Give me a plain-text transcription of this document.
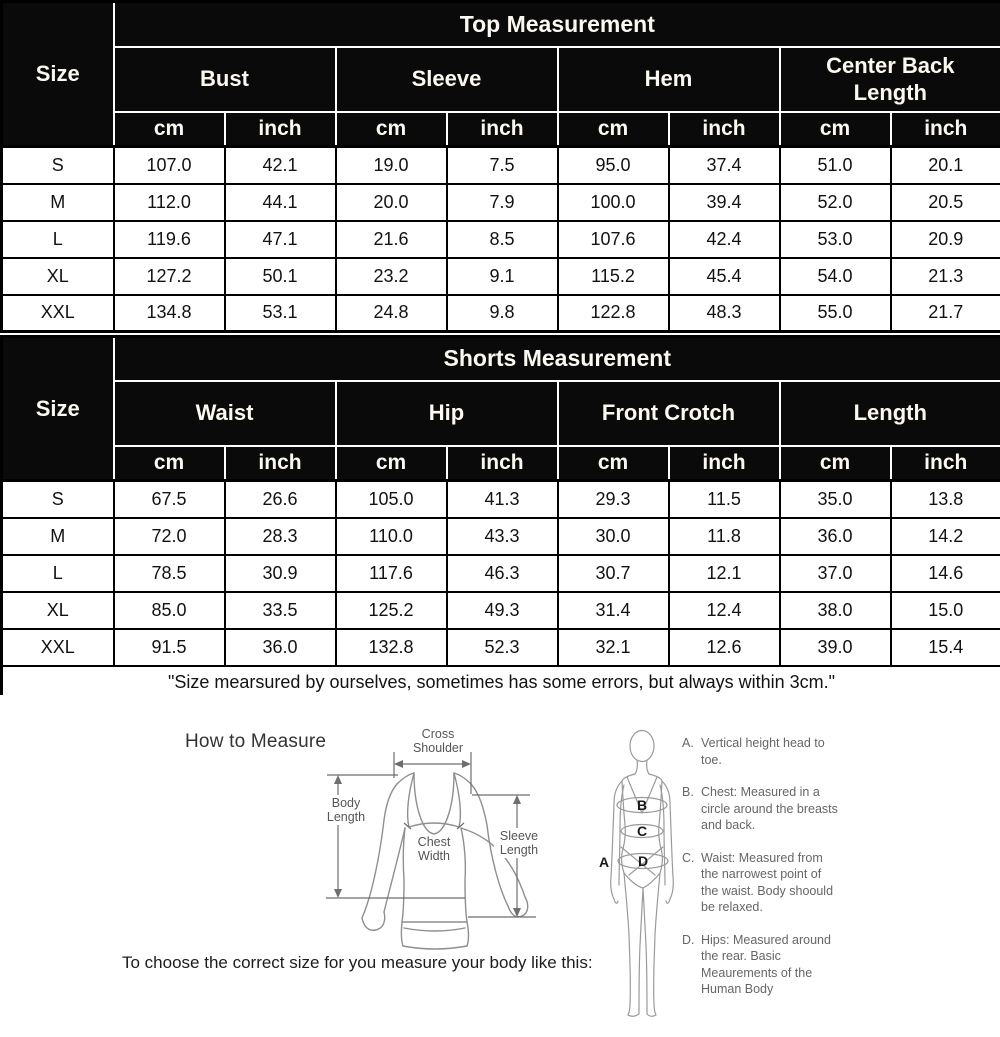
Size	Top Measurement							
	Bust		Sleeve		Hem		Center Back Length	
	cm	inch	cm	inch	cm	inch	cm	inch
S	107.0	42.1	19.0	7.5	95.0	37.4	51.0	20.1
M	112.0	44.1	20.0	7.9	100.0	39.4	52.0	20.5
L	119.6	47.1	21.6	8.5	107.6	42.4	53.0	20.9
XL	127.2	50.1	23.2	9.1	115.2	45.4	54.0	21.3
XXL	134.8	53.1	24.8	9.8	122.8	48.3	55.0	21.7
Size	Shorts Measurement							
	Waist		Hip		Front Crotch		Length	
	cm	inch	cm	inch	cm	inch	cm	inch
S	67.5	26.6	105.0	41.3	29.3	11.5	35.0	13.8
M	72.0	28.3	110.0	43.3	30.0	11.8	36.0	14.2
L	78.5	30.9	117.6	46.3	30.7	12.1	37.0	14.6
XL	85.0	33.5	125.2	49.3	31.4	12.4	38.0	15.0
XXL	91.5	36.0	132.8	52.3	32.1	12.6	39.0	15.4
"Size mearsured by ourselves, sometimes has some errors, but always within 3cm."								
How to Measure	Cross
Shoulder
Body
Length
Chest
Width
Sleeve
Length
A
B
C
D
A. Vertical height head to toe.
B. Chest: Measured in a circle around the breasts and back.
C. Waist: Measured from the narrowest point of the waist. Body shoould be relaxed.
D. Hips: Measured around the rear. Basic Meaurements of the Human Body
To choose the correct size for you measure your body like this:
